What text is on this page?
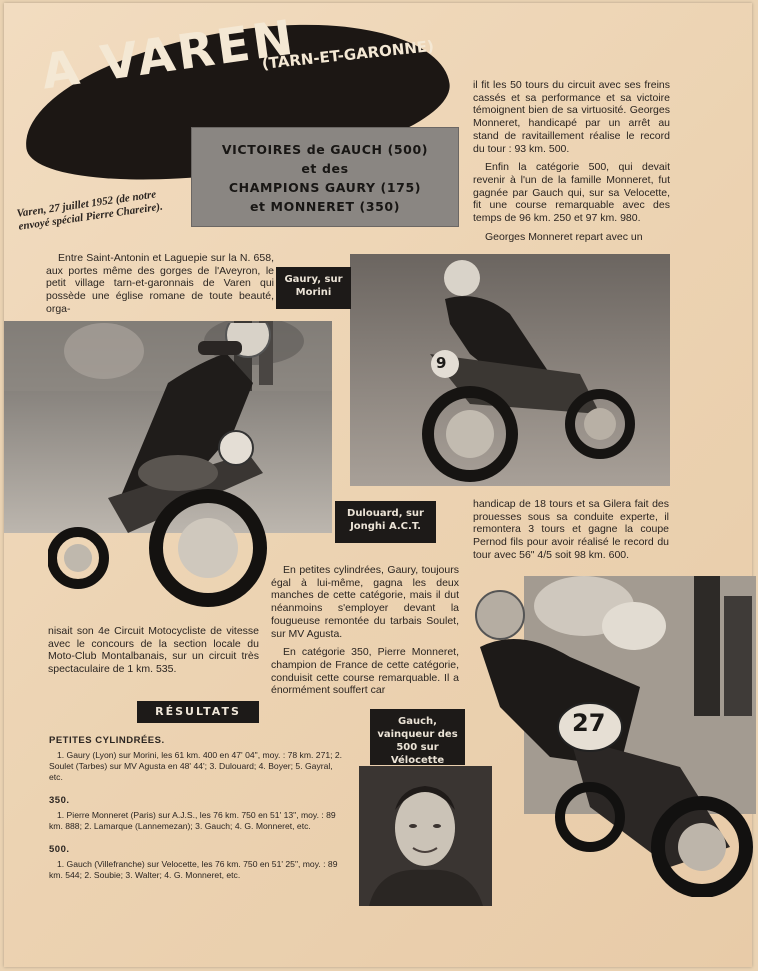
A VAREN
(TARN-ET-GARONNE)
VICTOIRES de GAUCH (500)
et des
CHAMPIONS GAURY (175)
et MONNERET (350)
Varen, 27 juillet 1952 (de notre envoyé spécial Pierre Chareire).

Entre Saint-Antonin et Laguepie sur la N. 658, aux portes même des gorges de l'Aveyron, le petit village tarn-et-garonnais de Varen qui possède une église romane de toute beauté, orga-

il fit les 50 tours du circuit avec ses freins cassés et sa performance et sa victoire témoignent bien de sa virtuosité. Georges Monneret, handicapé par un arrêt au stand de ravitaillement réalise le record du tour : 93 km. 500.

Enfin la catégorie 500, qui devait revenir à l'un de la famille Monneret, fut gagnée par Gauch qui, sur sa Velocette, fit une course remarquable avec des temps de 96 km. 250 et 97 km. 980.

Georges Monneret repart avec un

9
Gaury, sur Morini
Dulouard, sur Jonghi A.C.T.

En petites cylindrées, Gaury, toujours égal à lui-même, gagna les deux manches de cette catégorie, mais il dut néanmoins s'employer devant la fougueuse remontée du tarbais Soulet, sur MV Agusta.

En catégorie 350, Pierre Monneret, champion de France de cette catégorie, conduisit cette course remarquable. Il a énormément souffert car

handicap de 18 tours et sa Gilera fait des prouesses sous sa conduite experte, il remontera 3 tours et gagne la coupe Pernod fils pour avoir réalisé le record du tour avec 56" 4/5 soit 98 km. 600.

nisait son 4e Circuit Motocycliste de vitesse avec le concours de la section locale du Moto-Club Montalbanais, sur un circuit très spectaculaire de 1 km. 535.

27
Gauch, vainqueur des 500 sur Vélocette
RÉSULTATS
PETITES CYLINDRÉES.

1. Gaury (Lyon) sur Morini, les 61 km. 400 en 47' 04", moy. : 78 km. 271; 2. Soulet (Tarbes) sur MV Agusta en 48' 44'; 3. Dulouard; 4. Boyer; 5. Gayral, etc.

350.

1. Pierre Monneret (Paris) sur A.J.S., les 76 km. 750 en 51' 13", moy. : 89 km. 888; 2. Lamarque (Lannemezan); 3. Gauch; 4. G. Monneret, etc.

500.

1. Gauch (Villefranche) sur Velocette, les 76 km. 750 en 51' 25", moy. : 89 km. 544; 2. Soubie; 3. Walter; 4. G. Monneret, etc.
